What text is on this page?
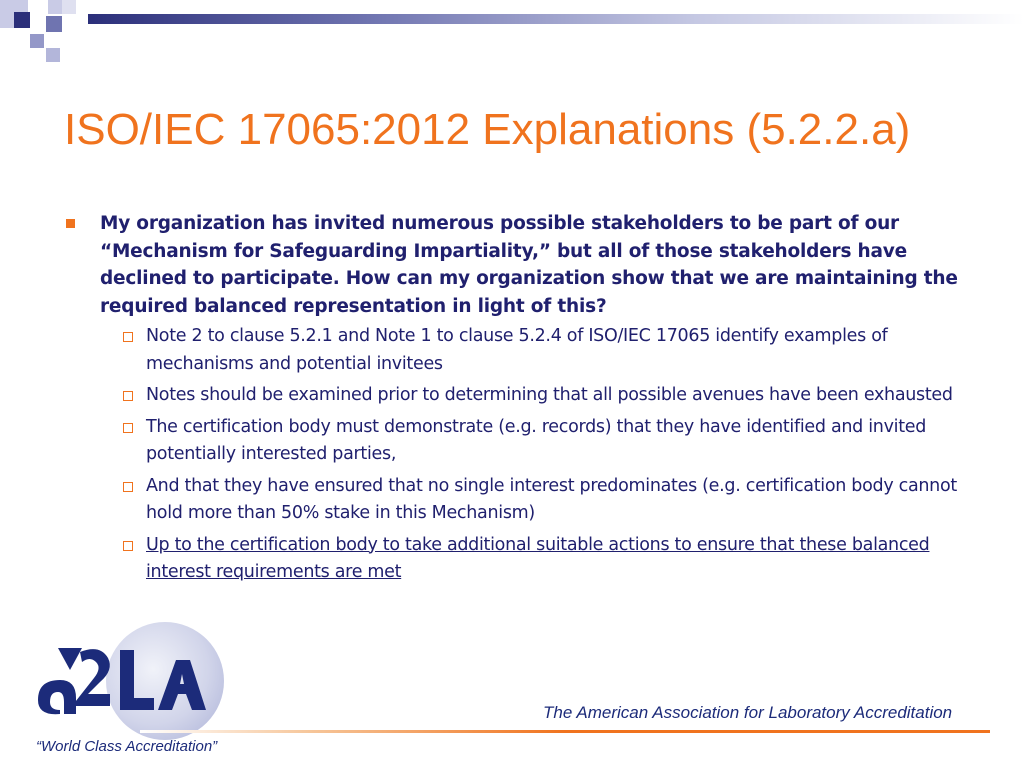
ISO/IEC 17065:2012 Explanations (5.2.2.a)
My organization has invited numerous possible stakeholders to be part of our “Mechanism for Safeguarding Impartiality,” but all of those stakeholders have declined to participate. How can my organization show that we are maintaining the required balanced representation in light of this?
Note 2 to clause 5.2.1 and Note 1 to clause 5.2.4 of ISO/IEC 17065 identify examples of mechanisms and potential invitees
Notes should be examined prior to determining that all possible avenues have been exhausted
The certification body must demonstrate (e.g. records) that they have identified and invited potentially interested parties,
And that they have ensured that no single interest predominates (e.g. certification body cannot hold more than 50% stake in this Mechanism)
Up to the certification body to take additional suitable actions to ensure that these balanced interest requirements are met
“World Class Accreditation”
The American Association for Laboratory Accreditation
